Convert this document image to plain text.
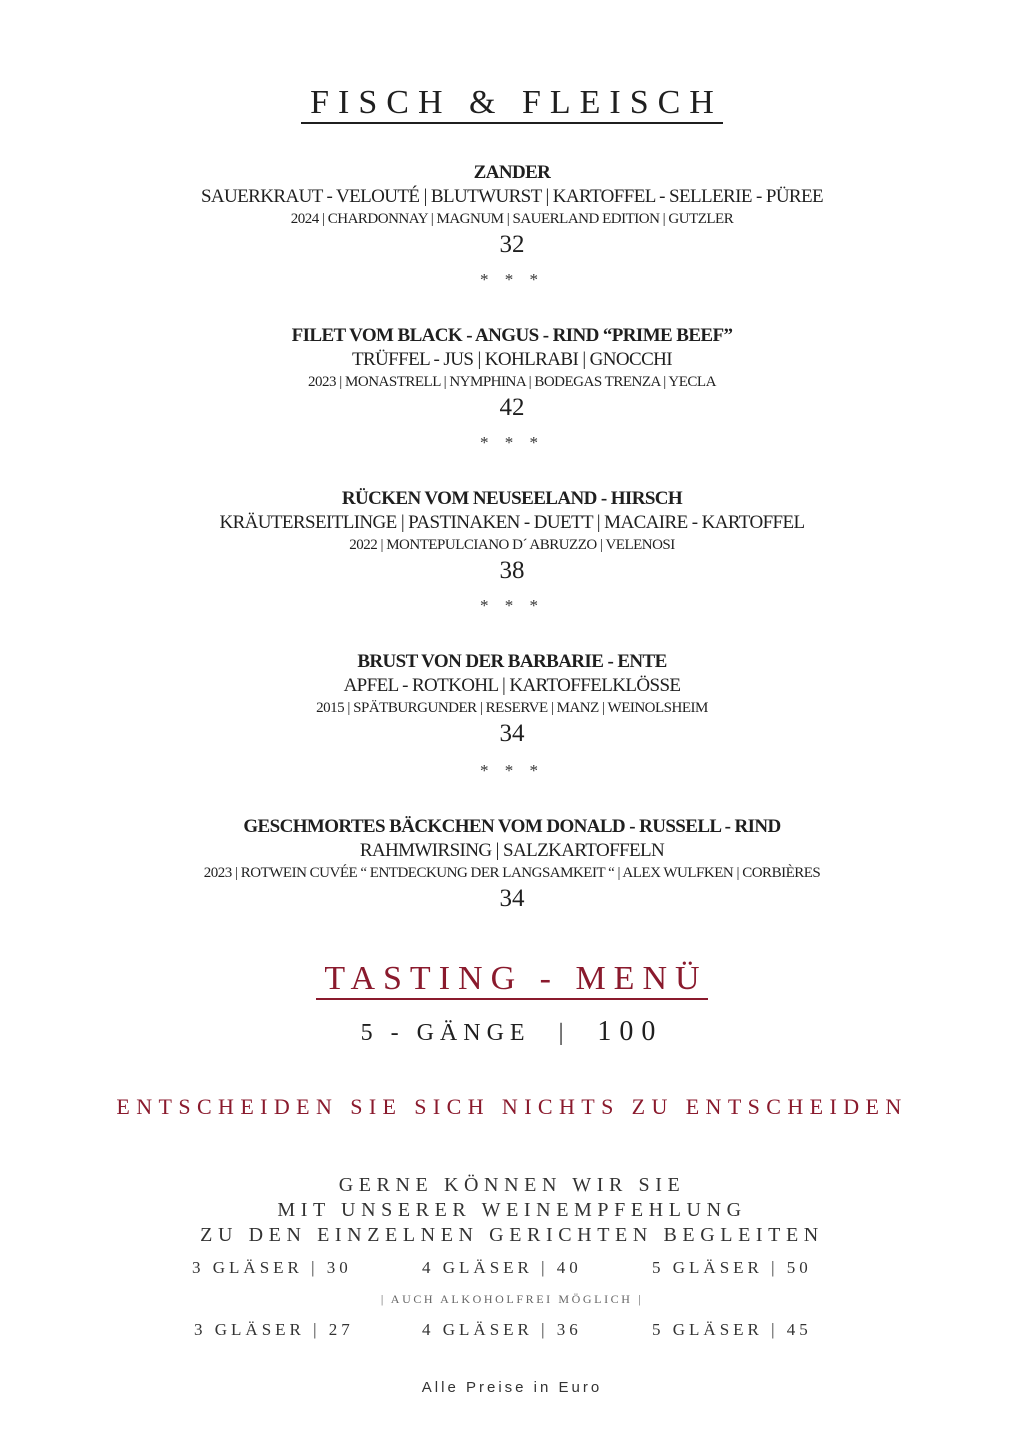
FISCH & FLEISCH
ZANDER
SAUERKRAUT - VELOUTÉ | BLUTWURST | KARTOFFEL - SELLERIE - PÜREE
2024 | CHARDONNAY | MAGNUM | SAUERLAND EDITION | GUTZLER
32
* * *
FILET VOM BLACK - ANGUS - RIND “PRIME BEEF”
TRÜFFEL - JUS | KOHLRABI | GNOCCHI
2023 | MONASTRELL | NYMPHINA | BODEGAS TRENZA | YECLA
42
* * *
RÜCKEN VOM NEUSEELAND - HIRSCH
KRÄUTERSEITLINGE | PASTINAKEN - DUETT | MACAIRE - KARTOFFEL
2022 | MONTEPULCIANO D´ ABRUZZO | VELENOSI
38
* * *
BRUST VON DER BARBARIE - ENTE
APFEL - ROTKOHL | KARTOFFELKLÖSSE
2015 | SPÄTBURGUNDER | RESERVE | MANZ | WEINOLSHEIM
34
* * *
GESCHMORTES BÄCKCHEN VOM DONALD - RUSSELL - RIND
RAHMWIRSING | SALZKARTOFFELN
2023 | ROTWEIN CUVÉE “ ENTDECKUNG DER LANGSAMKEIT “ | ALEX WULFKEN | CORBIÈRES
34
TASTING - MENÜ
5 - GÄNGE | 100
ENTSCHEIDEN SIE SICH NICHTS ZU ENTSCHEIDEN
GERNE KÖNNEN WIR SIE
MIT UNSERER WEINEMPFEHLUNG
ZU DEN EINZELNEN GERICHTEN BEGLEITEN
3 GLÄSER | 30	4 GLÄSER | 40	5 GLÄSER | 50
| AUCH ALKOHOLFREI MÖGLICH |
3 GLÄSER | 27	4 GLÄSER | 36	5 GLÄSER | 45
Alle Preise in Euro
